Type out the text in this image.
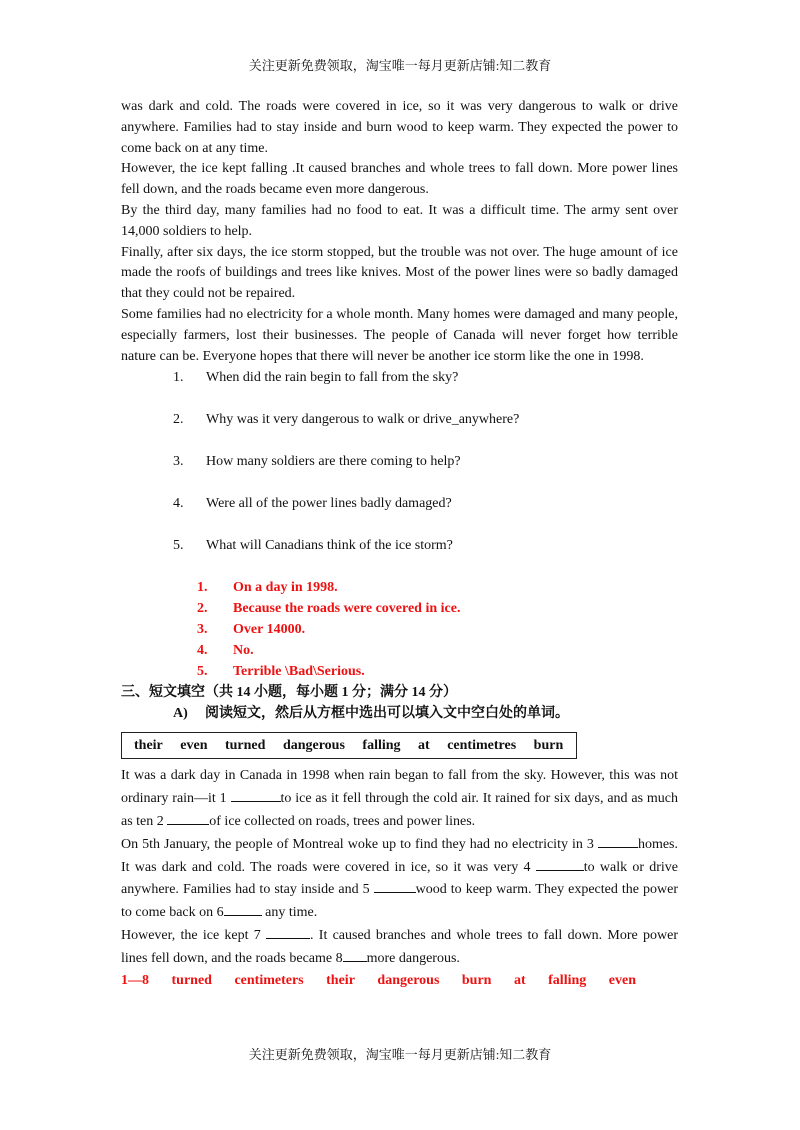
关注更新免费领取，淘宝唯一每月更新店铺:知二教育

was dark and cold. The roads were covered in ice, so it was very dangerous to walk or drive anywhere. Families had to stay inside and burn wood to keep warm. They expected the power to come back on at any time.

However, the ice kept falling .It caused branches and whole trees to fall down. More power lines fell down, and the roads became even more dangerous.

By the third day, many families had no food to eat. It was a difficult time. The army sent over 14,000 soldiers to help.

Finally, after six days, the ice storm stopped, but the trouble was not over. The huge amount of ice made the roofs of buildings and trees like knives. Most of the power lines were so badly damaged that they could not be repaired.

Some families had no electricity for a whole month. Many homes were damaged and many people, especially farmers, lost their businesses. The people of Canada will never forget how terrible nature can be. Everyone hopes that there will never be another ice storm like the one in 1998.

1. When did the rain begin to fall from the sky?
2. Why was it very dangerous to walk or drive_anywhere?
3. How many soldiers are there coming to help?
4. Were all of the power lines badly damaged?
5. What will Canadians think of the ice storm?
1. On a day in 1998.
2. Because the roads were covered in ice.
3. Over 14000.
4. No.
5. Terrible \Bad\Serious.
三、短文填空（共 14 小题，每小题 1 分；满分 14 分）
A) 阅读短文，然后从方框中选出可以填入文中空白处的单词。
their even turned dangerous falling at centimetres burn

It was a dark day in Canada in 1998 when rain began to fall from the sky. However, this was not ordinary rain—it 1	to ice as it fell through the cold air. It rained for six days, and as much as ten 2	of ice collected on roads, trees and power lines.

On 5th January, the people of Montreal woke up to find they had no electricity in 3	homes. It was dark and cold. The roads were covered in ice, so it was very 4	to walk or drive anywhere. Families had to stay inside and 5	wood to keep warm. They expected the power to come back on 6	any time.

However, the ice kept 7	. It caused branches and whole trees to fall down. More power lines fell down, and the roads became 8 more dangerous.

1—8 turned centimeters their dangerous burn at falling even
关注更新免费领取，淘宝唯一每月更新店铺:知二教育
